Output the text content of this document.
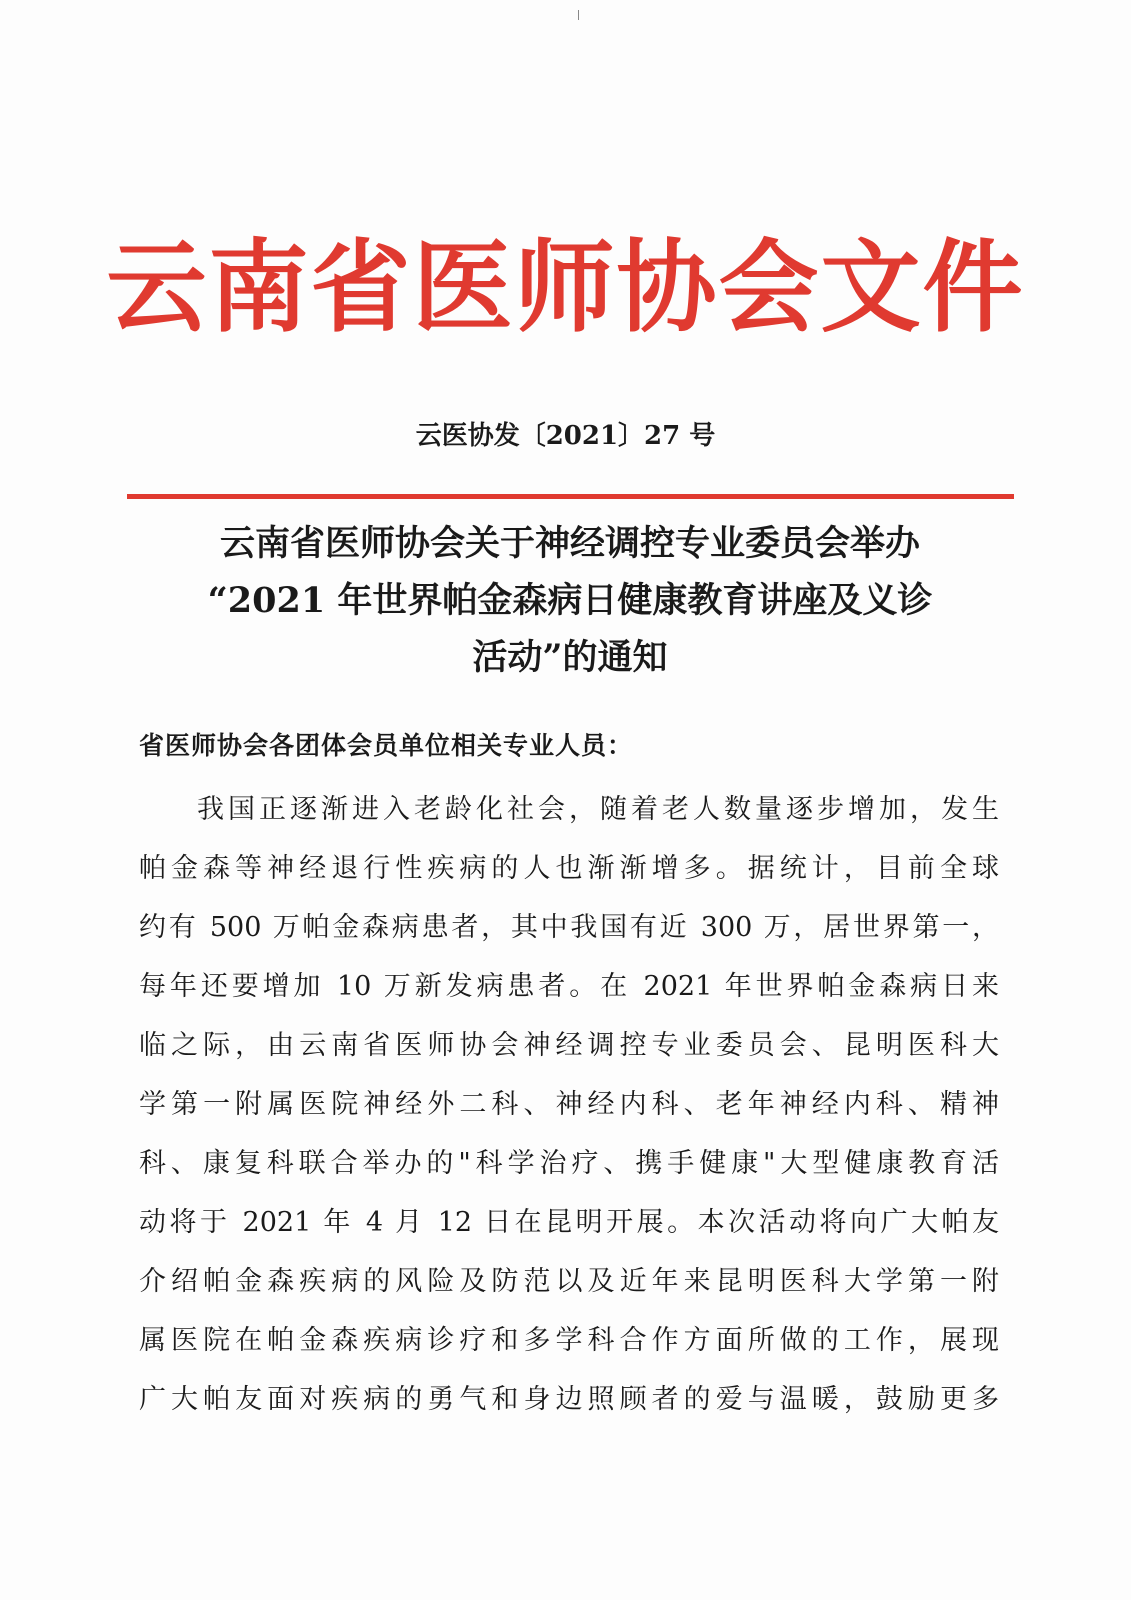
云南省医师协会文件
云医协发〔2021〕27 号
云南省医师协会关于神经调控专业委员会举办
“2021 年世界帕金森病日健康教育讲座及义诊
活动”的通知
省医师协会各团体会员单位相关专业人员：
我国正逐渐进入老龄化社会，随着老人数量逐步增加，发生
帕金森等神经退行性疾病的人也渐渐增多。据统计，目前全球
约有 500 万帕金森病患者，其中我国有近 300 万，居世界第一，
每年还要增加 10 万新发病患者。在 2021 年世界帕金森病日来
临之际，由云南省医师协会神经调控专业委员会、昆明医科大
学第一附属医院神经外二科、神经内科、老年神经内科、精神
科、康复科联合举办的"科学治疗、携手健康"大型健康教育活
动将于 2021 年 4 月 12 日在昆明开展。本次活动将向广大帕友
介绍帕金森疾病的风险及防范以及近年来昆明医科大学第一附
属医院在帕金森疾病诊疗和多学科合作方面所做的工作，展现
广大帕友面对疾病的勇气和身边照顾者的爱与温暖，鼓励更多
